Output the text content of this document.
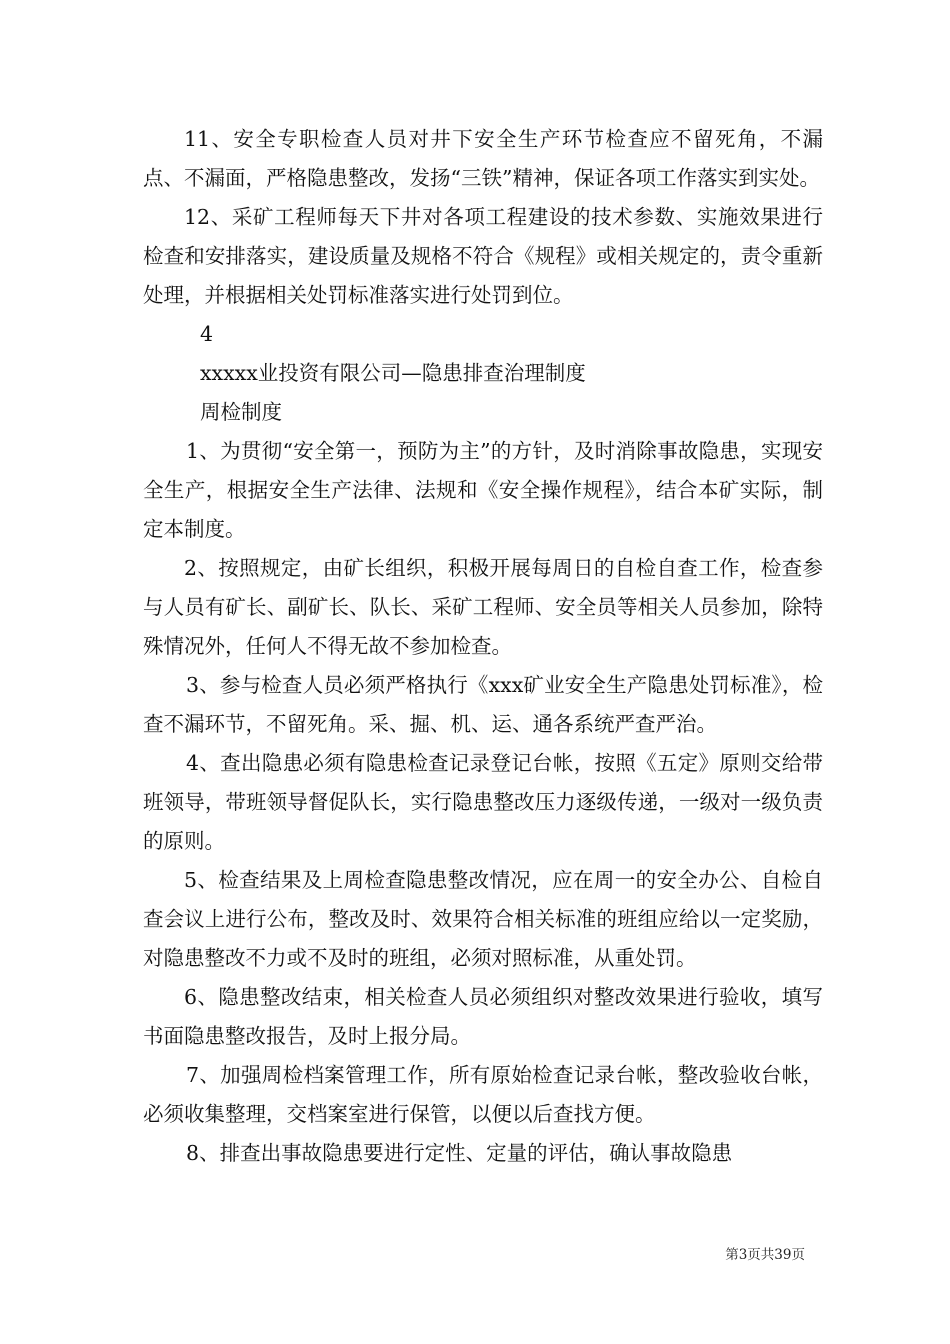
11、安全专职检查人员对井下安全生产环节检查应不留死角，不漏点、不漏面，严格隐患整改，发扬“三铁”精神，保证各项工作落实到实处。

12、采矿工程师每天下井对各项工程建设的技术参数、实施效果进行检查和安排落实，建设质量及规格不符合《规程》或相关规定的，责令重新处理，并根据相关处罚标准落实进行处罚到位。

4

xxxxx业投资有限公司—隐患排查治理制度

周检制度

1、为贯彻“安全第一，预防为主”的方针，及时消除事故隐患，实现安全生产，根据安全生产法律、法规和《安全操作规程》，结合本矿实际，制定本制度。

2、按照规定，由矿长组织，积极开展每周日的自检自查工作，检查参与人员有矿长、副矿长、队长、采矿工程师、安全员等相关人员参加，除特殊情况外，任何人不得无故不参加检查。

3、参与检查人员必须严格执行《xxx矿业安全生产隐患处罚标准》，检查不漏环节，不留死角。采、掘、机、运、通各系统严查严治。

4、查出隐患必须有隐患检查记录登记台帐，按照《五定》原则交给带班领导，带班领导督促队长，实行隐患整改压力逐级传递，一级对一级负责的原则。

5、检查结果及上周检查隐患整改情况，应在周一的安全办公、自检自查会议上进行公布，整改及时、效果符合相关标准的班组应给以一定奖励，对隐患整改不力或不及时的班组，必须对照标准，从重处罚。

6、隐患整改结束，相关检查人员必须组织对整改效果进行验收，填写书面隐患整改报告，及时上报分局。

7、加强周检档案管理工作，所有原始检查记录台帐，整改验收台帐，必须收集整理，交档案室进行保管，以便以后查找方便。

8、排查出事故隐患要进行定性、定量的评估，确认事故隐患

第3页共39页
